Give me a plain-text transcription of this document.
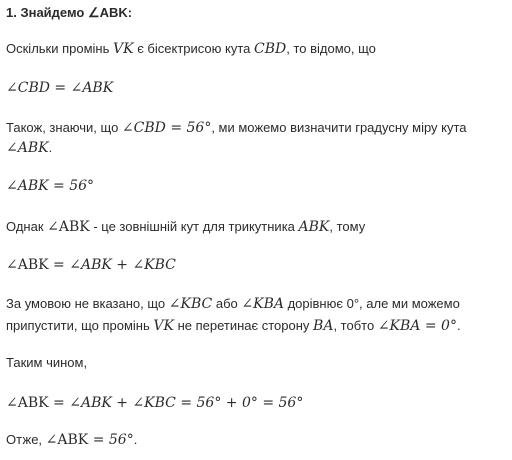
1. Знайдемо ∠ABK:
Оскільки промінь VK є бісектрисою кута CBD, то відомо, що
∠CBD = ∠ABK
Також, знаючи, що ∠CBD = 56°, ми можемо визначити градусну міру кута
∠ABK.
∠ABK = 56°
Однак ∠ABK - це зовнішній кут для трикутника ABK, тому
∠ABK = ∠ABK + ∠KBC
За умовою не вказано, що ∠KBC або ∠KBA дорівнює 0°, але ми можемо
припустити, що промінь VK не перетинає сторону BA, тобто ∠KBA = 0°.
Таким чином,
∠ABK = ∠ABK + ∠KBC = 56° + 0° = 56°
Отже, ∠ABK = 56°.
